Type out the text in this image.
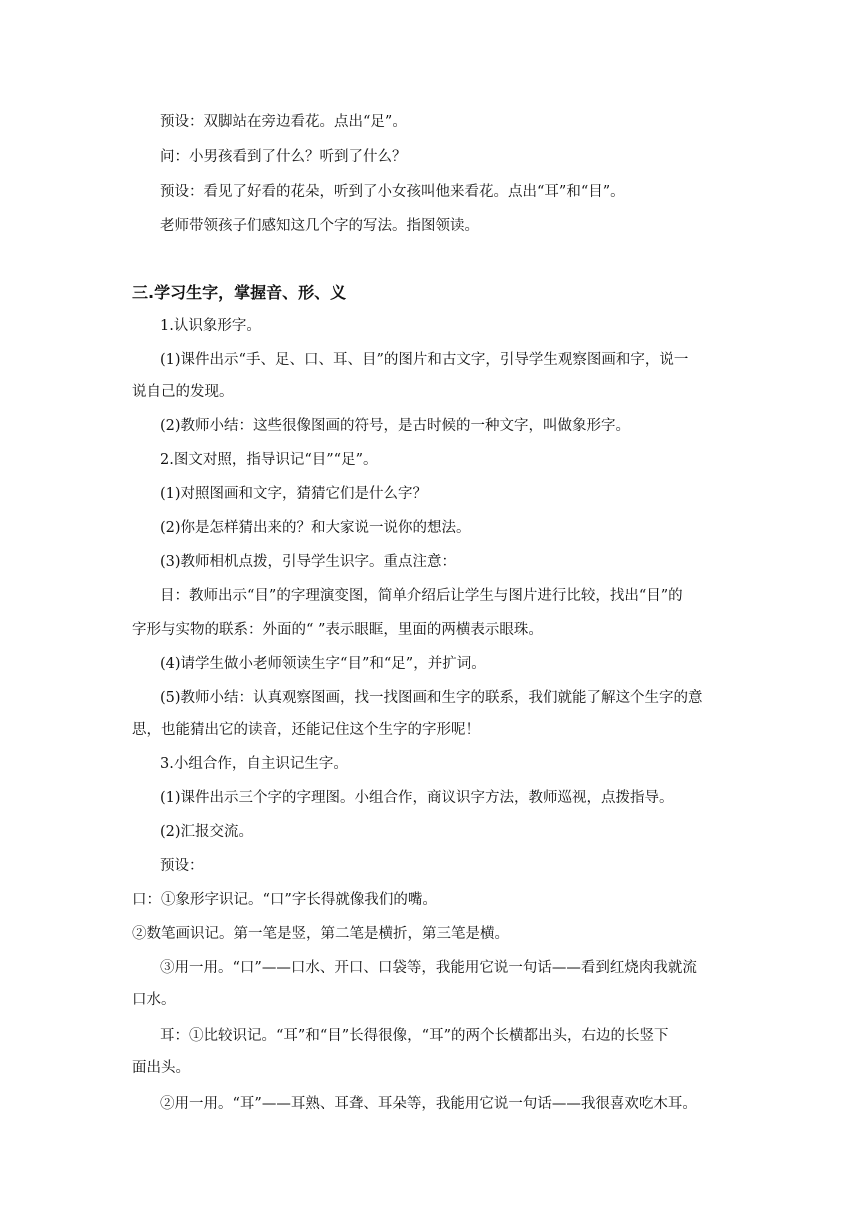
预设：双脚站在旁边看花。点出“足”。
问：小男孩看到了什么？听到了什么？
预设：看见了好看的花朵，听到了小女孩叫他来看花。点出“耳”和“目”。
老师带领孩子们感知这几个字的写法。指图领读。
三.学习生字，掌握音、形、义
1.认识象形字。
(1)课件出示“手、足、口、耳、目”的图片和古文字，引导学生观察图画和字，说一
说自己的发现。
(2)教师小结：这些很像图画的符号，是古时候的一种文字，叫做象形字。
2.图文对照，指导识记“目”“足”。
(1)对照图画和文字，猜猜它们是什么字？
(2)你是怎样猜出来的？和大家说一说你的想法。
(3)教师相机点拨，引导学生识字。重点注意：
目：教师出示“目”的字理演变图，简单介绍后让学生与图片进行比较，找出“目”的
字形与实物的联系：外面的“ ”表示眼眶，里面的两横表示眼珠。
(4)请学生做小老师领读生字“目”和“足”，并扩词。
(5)教师小结：认真观察图画，找一找图画和生字的联系，我们就能了解这个生字的意
思，也能猜出它的读音，还能记住这个生字的字形呢！
3.小组合作，自主识记生字。
(1)课件出示三个字的字理图。小组合作，商议识字方法，教师巡视，点拨指导。
(2)汇报交流。
预设：
口：①象形字识记。“口”字长得就像我们的嘴。
②数笔画识记。第一笔是竖，第二笔是横折，第三笔是横。
③用一用。“口”——口水、开口、口袋等，我能用它说一句话——看到红烧肉我就流
口水。
耳：①比较识记。“耳”和“目”长得很像，“耳”的两个长横都出头，右边的长竖下
面出头。
②用一用。“耳”——耳熟、耳聋、耳朵等，我能用它说一句话——我很喜欢吃木耳。
